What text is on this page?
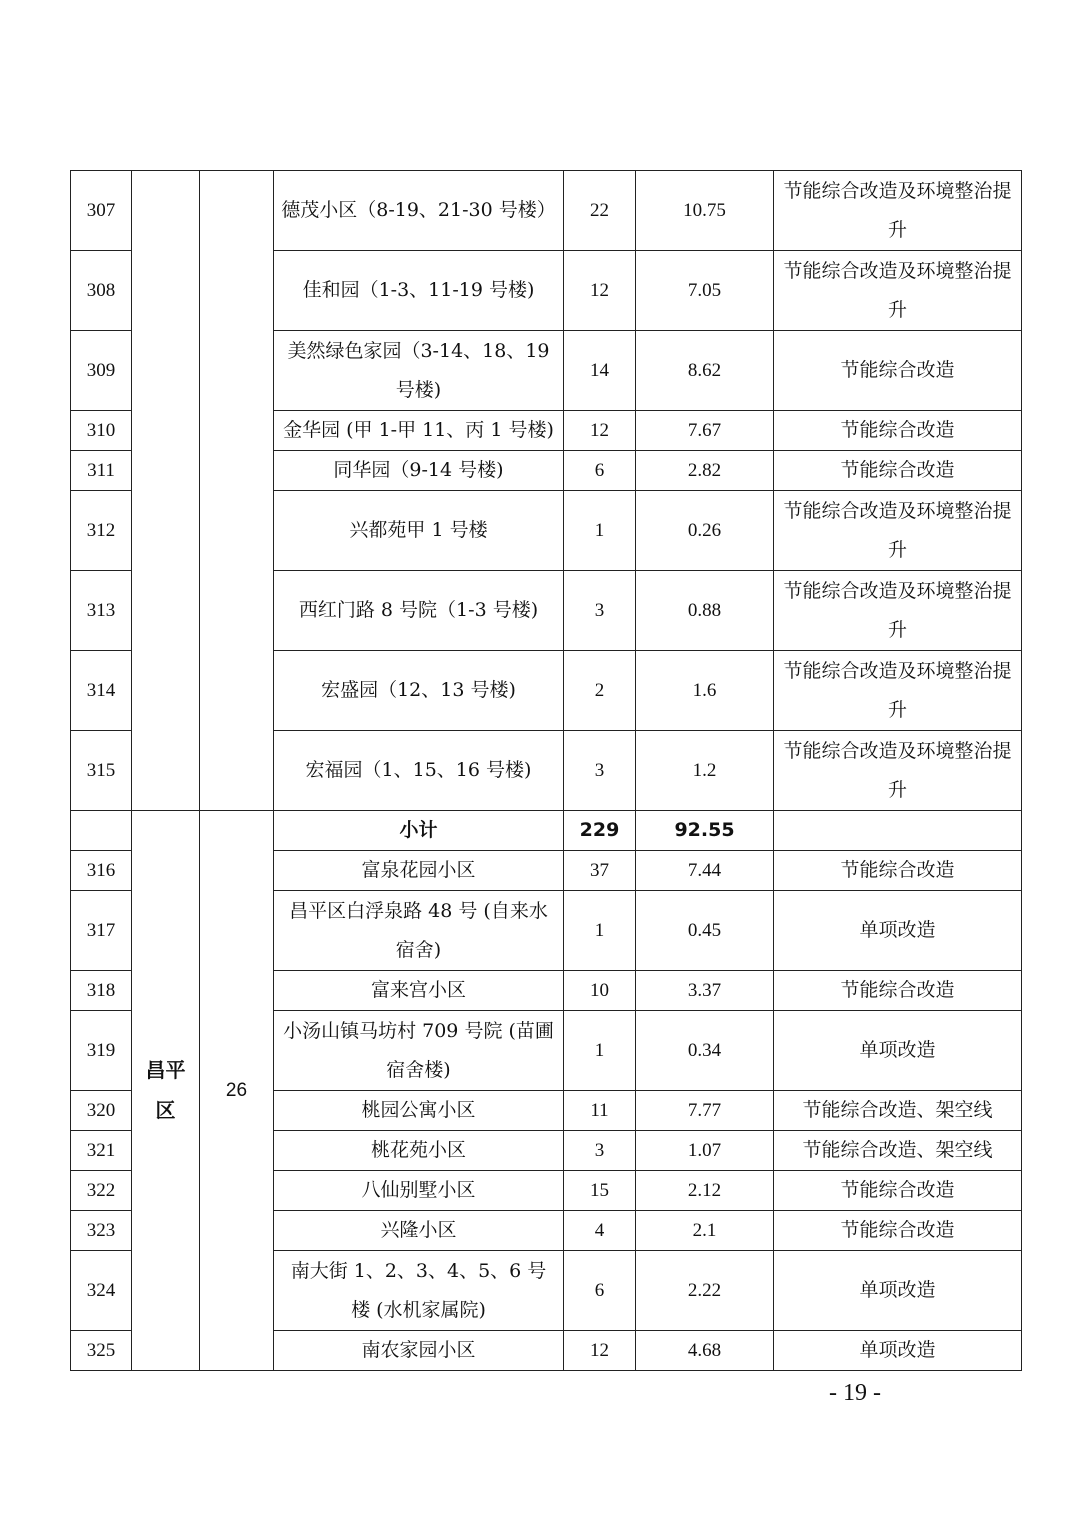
307			德茂小区（8-19、21-30 号楼）	22	10.75	节能综合改造及环境整治提升
308			佳和园（1-3、11-19 号楼)	12	7.05	节能综合改造及环境整治提升
309			美然绿色家园（3-14、18、19 号楼)	14	8.62	节能综合改造
310			金华园 (甲 1-甲 11、丙 1 号楼)	12	7.67	节能综合改造
311			同华园（9-14 号楼)	6	2.82	节能综合改造
312			兴都苑甲 1 号楼	1	0.26	节能综合改造及环境整治提升
313			西红门路 8 号院（1-3 号楼)	3	0.88	节能综合改造及环境整治提升
314			宏盛园（12、13 号楼)	2	1.6	节能综合改造及环境整治提升
315			宏福园（1、15、16 号楼)	3	1.2	节能综合改造及环境整治提升
	昌平区	26	小计	229	92.55	
316			富泉花园小区	37	7.44	节能综合改造
317			昌平区白浮泉路 48 号 (自来水宿舍)	1	0.45	单项改造
318			富来宫小区	10	3.37	节能综合改造
319			小汤山镇马坊村 709 号院 (苗圃宿舍楼)	1	0.34	单项改造
320			桃园公寓小区	11	7.77	节能综合改造、架空线
321			桃花苑小区	3	1.07	节能综合改造、架空线
322			八仙别墅小区	15	2.12	节能综合改造
323			兴隆小区	4	2.1	节能综合改造
324			南大街 1、2、3、4、5、6 号楼 (水机家属院)	6	2.22	单项改造
325			南农家园小区	12	4.68	单项改造
- 19 -
